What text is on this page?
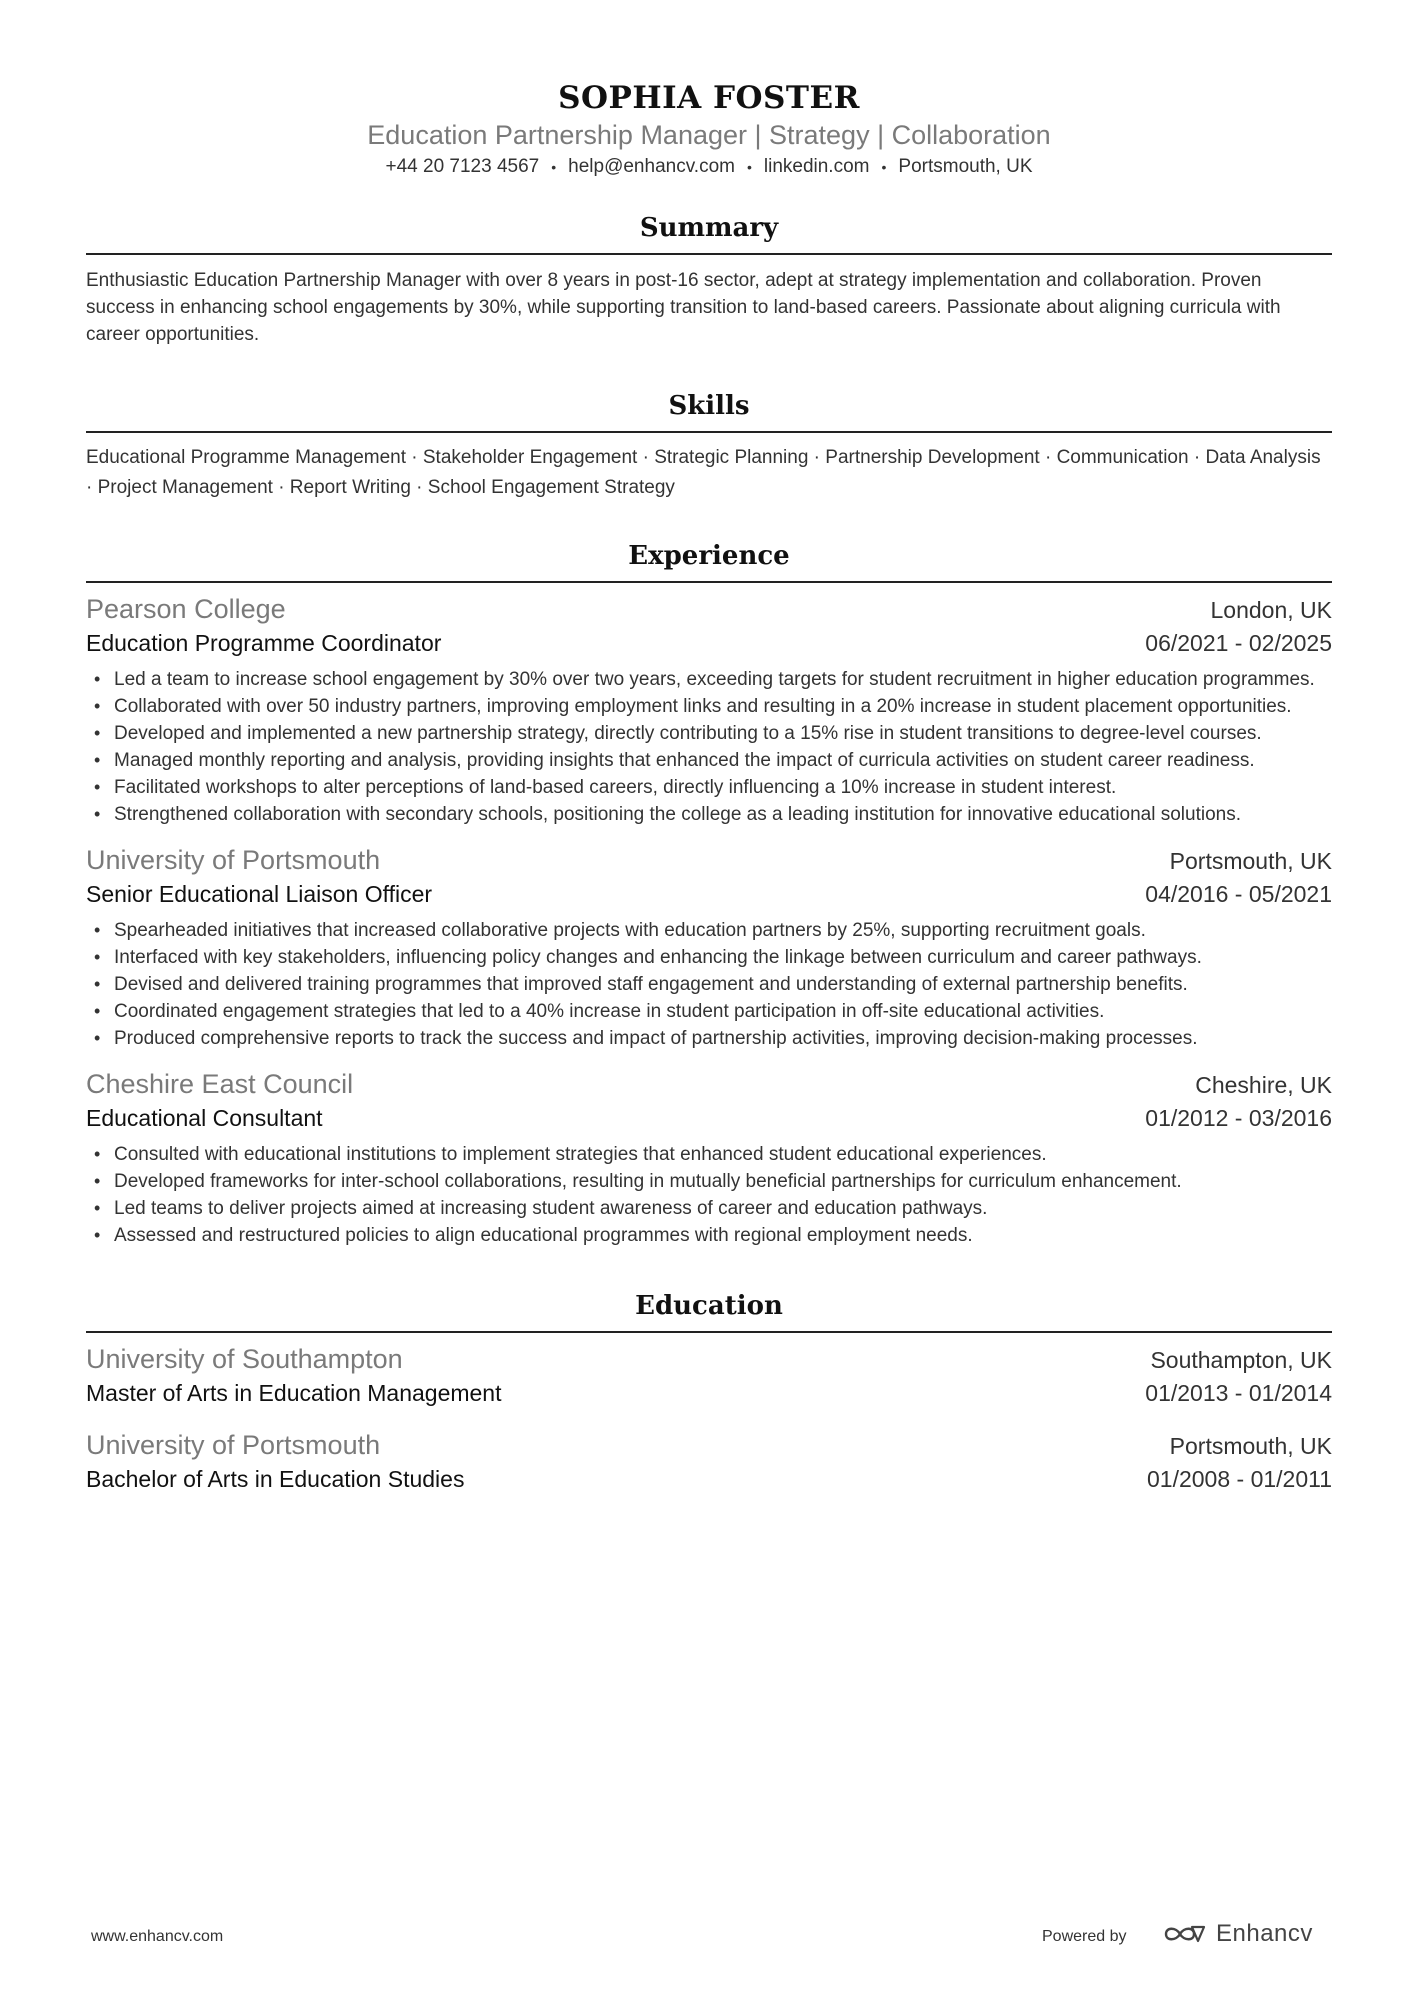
SOPHIA FOSTER
Education Partnership Manager | Strategy | Collaboration
+44 20 7123 4567 • help@enhancv.com • linkedin.com • Portsmouth, UK
Summary
Enthusiastic Education Partnership Manager with over 8 years in post-16 sector, adept at strategy implementation and collaboration. Proven success in enhancing school engagements by 30%, while supporting transition to land-based careers. Passionate about aligning curricula with career opportunities.
Skills
Educational Programme Management · Stakeholder Engagement · Strategic Planning · Partnership Development · Communication · Data Analysis · Project Management · Report Writing · School Engagement Strategy
Experience
Pearson College	London, UK
Education Programme Coordinator	06/2021 - 02/2025
• Led a team to increase school engagement by 30% over two years, exceeding targets for student recruitment in higher education programmes.
• Collaborated with over 50 industry partners, improving employment links and resulting in a 20% increase in student placement opportunities.
• Developed and implemented a new partnership strategy, directly contributing to a 15% rise in student transitions to degree-level courses.
• Managed monthly reporting and analysis, providing insights that enhanced the impact of curricula activities on student career readiness.
• Facilitated workshops to alter perceptions of land-based careers, directly influencing a 10% increase in student interest.
• Strengthened collaboration with secondary schools, positioning the college as a leading institution for innovative educational solutions.
University of Portsmouth	Portsmouth, UK
Senior Educational Liaison Officer	04/2016 - 05/2021
• Spearheaded initiatives that increased collaborative projects with education partners by 25%, supporting recruitment goals.
• Interfaced with key stakeholders, influencing policy changes and enhancing the linkage between curriculum and career pathways.
• Devised and delivered training programmes that improved staff engagement and understanding of external partnership benefits.
• Coordinated engagement strategies that led to a 40% increase in student participation in off-site educational activities.
• Produced comprehensive reports to track the success and impact of partnership activities, improving decision-making processes.
Cheshire East Council	Cheshire, UK
Educational Consultant	01/2012 - 03/2016
• Consulted with educational institutions to implement strategies that enhanced student educational experiences.
• Developed frameworks for inter-school collaborations, resulting in mutually beneficial partnerships for curriculum enhancement.
• Led teams to deliver projects aimed at increasing student awareness of career and education pathways.
• Assessed and restructured policies to align educational programmes with regional employment needs.
Education
University of Southampton	Southampton, UK
Master of Arts in Education Management	01/2013 - 01/2014
University of Portsmouth	Portsmouth, UK
Bachelor of Arts in Education Studies	01/2008 - 01/2011
www.enhancv.com	Powered by	Enhancv
